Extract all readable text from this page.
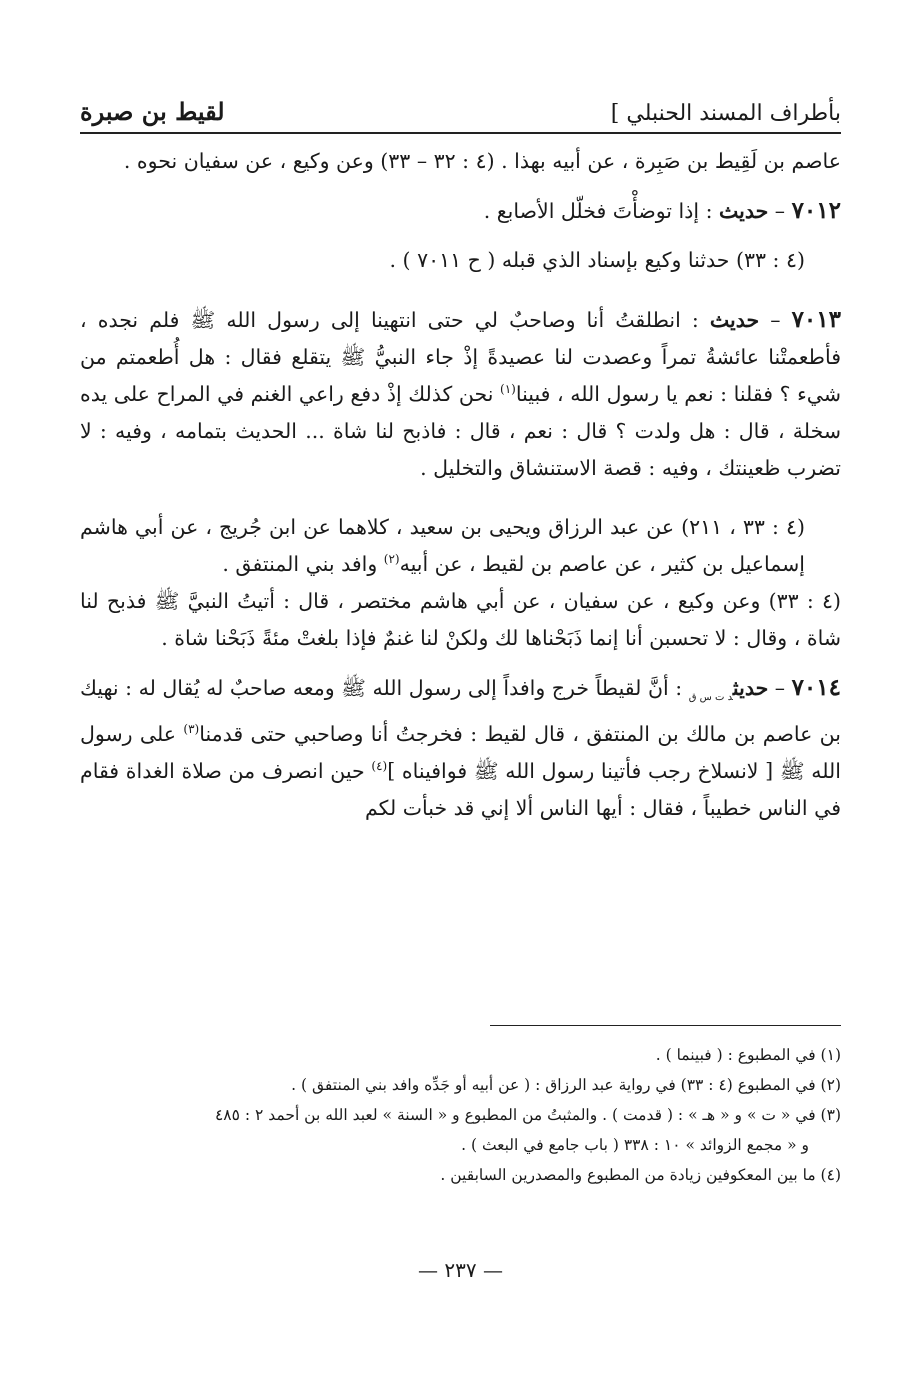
بأطراف المسند الحنبلي ]
لقيط بن صبرة

عاصم بن لَقِيط بن صَبِرة ، عن أبيه بهذا . (٤ : ٣٢ – ٣٣) وعن وكيع ، عن سفيان نحوه .

٧٠١٢ – حديث : إذا توضأْتَ فخلّل الأصابع .

(٤ : ٣٣) حدثنا وكيع بإسناد الذي قبله ( ح ٧٠١١ ) .

٧٠١٣ – حديث : انطلقتُ أنا وصاحبٌ لي حتى انتهينا إلى رسول الله ﷺ فلم نجده ، فأطعمتْنا عائشةُ تمراً وعصدت لنا عصيدةً إذْ جاء النبيُّ ﷺ يتقلع فقال : هل أُطعمتم من شيء ؟ فقلنا : نعم يا رسول الله ، فبينا$^{(١)}$ نحن كذلك إذْ دفع راعي الغنم في المراح على يده سخلة ، قال : هل ولدت ؟ قال : نعم ، قال : فاذبح لنا شاة ... الحديث بتمامه ، وفيه : لا تضرب ظعينتك ، وفيه : قصة الاستنشاق والتخليل .

(٤ : ٣٣ ، ٢١١) عن عبد الرزاق ويحيى بن سعيد ، كلاهما عن ابن جُريج ، عن أبي هاشم إسماعيل بن كثير ، عن عاصم بن لقيط ، عن أبيه$^{(٢)}$ وافد بني المنتفق .

(٤ : ٣٣) وعن وكيع ، عن سفيان ، عن أبي هاشم مختصر ، قال : أتيتُ النبيَّ ﷺ فذبح لنا شاة ، وقال : لا تحسبن أنا إنما ذَبَحْناها لك ولكنْ لنا غنمٌ فإذا بلغتْ مئةً ذَبَحْنا شاة .

٧٠١٤ – حديث$_{د ت س ق}$ : أنَّ لقيطاً خرج وافداً إلى رسول الله ﷺ ومعه صاحبٌ له يُقال له : نهيك بن عاصم بن مالك بن المنتفق ، قال لقيط : فخرجتُ أنا وصاحبي حتى قدمنا$^{(٣)}$ على رسول الله ﷺ [ لانسلاخ رجب فأتينا رسول الله ﷺ فوافيناه ]$^{(٤)}$ حين انصرف من صلاة الغداة فقام في الناس خطيباً ، فقال : أيها الناس ألا إني قد خبأت لكم

(١) في المطبوع : ( فبينما ) .

(٢) في المطبوع (٤ : ٣٣) في رواية عبد الرزاق : ( عن أبيه أو جَدِّه وافد بني المنتفق ) .

(٣) في « ت » و « هـ » : ( قدمت ) . والمثبتُ من المطبوع و « السنة » لعبد الله بن أحمد ٢ : ٤٨٥

و « مجمع الزوائد » ١٠ : ٣٣٨ ( باب جامع في البعث ) .

(٤) ما بين المعكوفين زيادة من المطبوع والمصدرين السابقين .

— ٢٣٧ —
